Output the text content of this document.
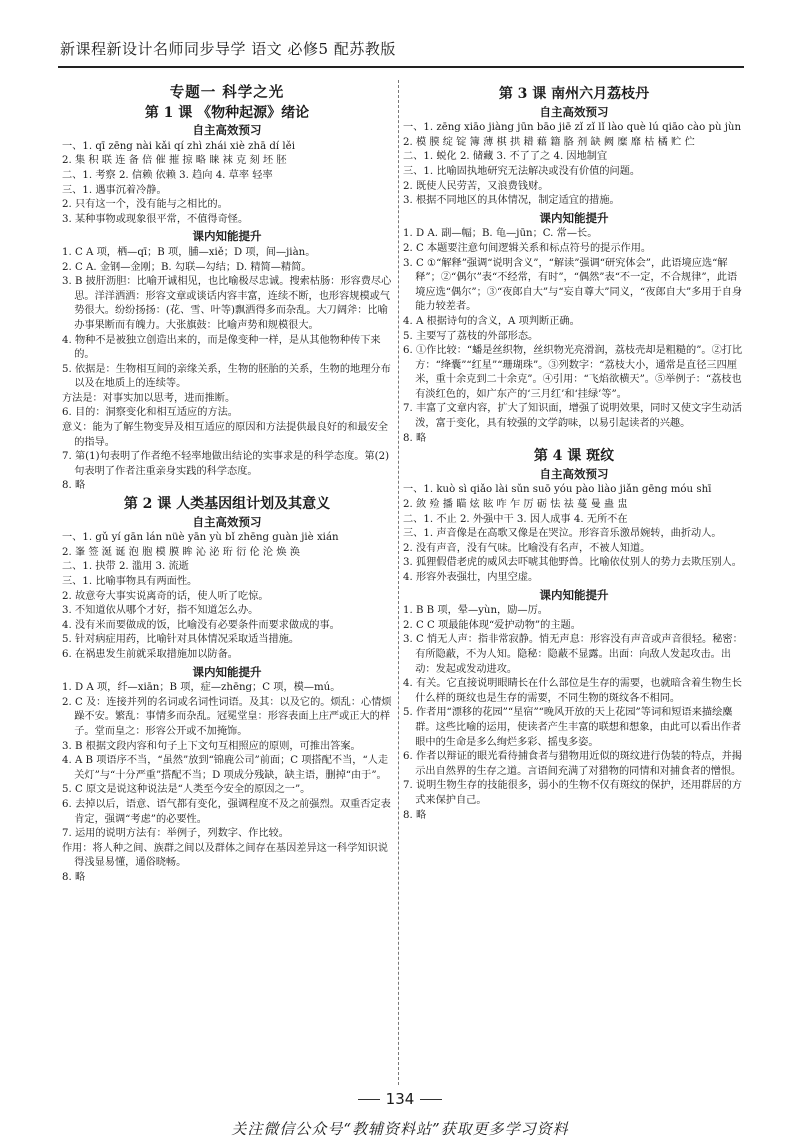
新课程新设计名师同步导学 语文 必修5 配苏教版
专题一 科学之光
第 1 课 《物种起源》绪论
自主高效预习
一、1. qī zēng nài kǎi qí zhì zhái xiè zhā dí lěi
2. 集 积 联 连 备 倍 催 摧 掠 略 睐 袜 克 刻 坯 胚
二、1. 考察 2. 信赖 依赖 3. 趋向 4. 草率 轻率
三、1. 遇事沉着冷静。
2. 只有这一个，没有能与之相比的。
3. 某种事物或现象很平常，不值得奇怪。
课内知能提升
1. C A 项，栖—qī；B 项，脯—xiě；D 项，间—jiàn。
2. C A. 金钢—金刚；B. 勾联—勾结；D. 精简—精简。
3. B 披肝沥胆：比喻开诚相见，也比喻极尽忠诚。搜索枯肠：形容费尽心思。洋洋洒洒：形容文章或谈话内容丰富，连续不断，也形容规模或气势很大。纷纷扬扬：(花、雪、叶等)飘洒得多而杂乱。大刀阔斧：比喻办事果断而有魄力。大张旗鼓：比喻声势和规模很大。
4. 物种不是被独立创造出来的，而是像变种一样，是从其他物种传下来的。
5. 依据是：生物相互间的亲缘关系，生物的胚胎的关系，生物的地理分布以及在地质上的连续等。
方法是：对事实加以思考，进而推断。
6. 目的：洞察变化和相互适应的方法。
意义：能为了解生物变异及相互适应的原因和方法提供最良好的和最安全的指导。
7. 第(1)句表明了作者绝不轻率地做出结论的实事求是的科学态度。第(2)句表明了作者注重亲身实践的科学态度。
8. 略
第 2 课 人类基因组计划及其意义
自主高效预习
一、1. gǔ yí gān lán nüè yān yù bǐ zhēng guàn jiè xián
2. 峯 签 涎 诞 泡 胞 模 膜 眸 沁 泌 珩 衍 伦 沦 焕 涣
二、1. 抉带 2. 滥用 3. 流逝
三、1. 比喻事物具有两面性。
2. 故意夸大事实说离奇的话，使人听了吃惊。
3. 不知道依从哪个才好，指不知道怎么办。
4. 没有米而要做成的饭，比喻没有必要条件而要求做成的事。
5. 针对病症用药，比喻针对具体情况采取适当措施。
6. 在祸患发生前就采取措施加以防备。
课内知能提升
1. D A 项，纤—xiān；B 项，症—zhēng；C 项，模—mú。
2. C 及：连接并列的名词或名词性词语。及其：以及它的。烦乱：心情烦躁不安。繁乱：事情多而杂乱。冠冕堂皇：形容表面上庄严或正大的样子。堂而皇之：形容公开或不加掩饰。
3. B 根据文段内容和句子上下文句互相照应的原则，可推出答案。
4. A B 项语序不当，“虽然”放到“锦鹿公司”前面；C 项搭配不当，“人走关灯”与“十分严重”搭配不当；D 项成分残缺，缺主语，删掉“由于”。
5. C 原文是说这种说法是“人类至今安全的原因之一”。
6. 去掉以后，语意、语气都有变化，强调程度不及之前强烈。双重否定表肯定，强调“考虑”的必要性。
7. 运用的说明方法有：举例子，列数字、作比较。
作用：将人种之间、族群之间以及群体之间存在基因差异这一科学知识说得浅显易懂，通俗晓畅。
8. 略
第 3 课 南州六月荔枝丹
自主高效预习
一、1. zēng xiāo jiàng jūn bāo jiē zǐ zǐ lǐ lào què lú qiāo cào pù jùn
2. 模 膜 绽 锭 簿 薄 棋 拱 耤 藉 籍 胳 剂 缺 阙 糜 靡 枯 橘 贮 伫
二、1. 蜕化 2. 储藏 3. 不了了之 4. 因地制宜
三、1. 比喻固执地研究无法解决或没有价值的问题。
2. 既使人民劳苦，又浪费钱财。
3. 根据不同地区的具体情况，制定适宜的措施。
课内知能提升
1. D A. 副—幅；B. 龟—jūn；C. 常—长。
2. C 本题要注意句间逻辑关系和标点符号的提示作用。
3. C ①“解释”强调“说明含义”，“解读”强调“研究体会”，此语境应选“解释”；②“偶尔”表“不经常，有时”，“偶然”表“不一定，不合规律”，此语境应选“偶尔”；③“夜郎自大”与“妄自尊大”同义，“夜郎自大”多用于自身能力较差者。
4. A 根据诗句的含义，A 项判断正确。
5. 主要写了荔枝的外部形态。
6. ①作比较：“蟠是丝织物，丝织物光亮滑润，荔枝壳却是粗糙的”。②打比方：“绛囊”“红星”“珊瑚珠”。③列数字：“荔枝大小，通常是直径三四厘米，重十余克到二十余克”。④引用：“飞焰欲横天”。⑤举例子：“荔枝也有淡红色的，如广东产的‘三月红’和‘挂绿’等”。
7. 丰富了文章内容，扩大了知识面，增强了说明效果，同时又使文字生动活泼，富于变化，具有较强的文学韵味，以易引起读者的兴趣。
8. 略
第 4 课 斑纹
自主高效预习
一、1. kuò sì qiǎo lài sǔn suō yóu pào liào jiǎn gēng móu shī
2. 敛 殓 播 瞄 炫 眩 咋 乍 厉 砺 怯 祛 蔓 曼 蛊 盅
二、1. 不止 2. 外强中干 3. 因人成事 4. 无所不在
三、1. 声音像是在高歌又像是在哭泣。形容音乐激昂婉转，曲折动人。
2. 没有声音，没有气味。比喻没有名声，不被人知道。
3. 狐狸假借老虎的威风去吓唬其他野兽。比喻依仗别人的势力去欺压别人。
4. 形容外表强壮，内里空虚。
课内知能提升
1. B B 项，晕—yùn，励—厉。
2. C C 项最能体现“爱护动物”的主题。
3. C 悄无人声：指非常寂静。悄无声息：形容没有声音或声音很轻。秘密：有所隐蔽，不为人知。隐秘：隐蔽不显露。出面：向敌人发起攻击。出动：发起或发动进攻。
4. 有关。它直接说明眼睛长在什么部位是生存的需要，也就暗含着生物生长什么样的斑纹也是生存的需要，不同生物的斑纹各不相同。
5. 作者用“漂移的花园”“星宿”“晚风开放的天上花园”等词和短语来描绘麋群。这些比喻的运用，使读者产生丰富的联想和想象，由此可以看出作者眼中的生命是多么绚烂多彩、摇曳多姿。
6. 作者以辩证的眼光看待捕食者与猎物用近似的斑纹进行伪装的特点，并揭示出自然界的生存之道。言语间充满了对猎物的同情和对捕食者的憎恨。
7. 说明生物生存的技能很多，弱小的生物不仅有斑纹的保护，还用群居的方式来保护自己。
8. 略
134
关注微信公众号“教辅资料站”获取更多学习资料
